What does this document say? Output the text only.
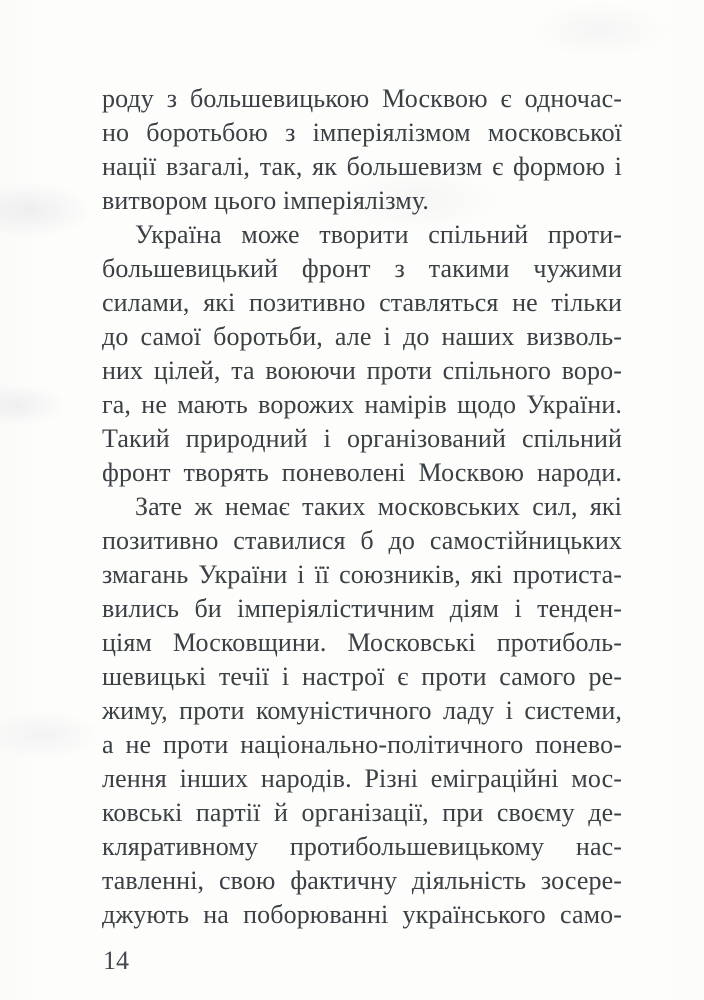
роду з большевицькою Москвою є одночас-
но боротьбою з імперіялізмом московської
нації взагалі, так, як большевизм є формою і
витвором цього імперіялізму.
Україна може творити спільний проти-
большевицький фронт з такими чужими
силами, які позитивно ставляться не тільки
до самої боротьби, але і до наших визволь-
них цілей, та воюючи проти спільного воро-
га, не мають ворожих намірів щодо України.
Такий природний і організований спільний
фронт творять поневолені Москвою народи.
Зате ж немає таких московських сил, які
позитивно ставилися б до самостійницьких
змагань України і її союзників, які протиста-
вились би імперіялістичним діям і тенден-
ціям Московщини. Московські протиболь-
шевицькі течії і настрої є проти самого ре-
жиму, проти комуністичного ладу і системи,
а не проти національно-політичного понево-
лення інших народів. Різні еміграційні мос-
ковські партії й організації, при своєму де-
кляративному протибольшевицькому нас-
тавленні, свою фактичну діяльність зосере-
джують на поборюванні українського само-
14
